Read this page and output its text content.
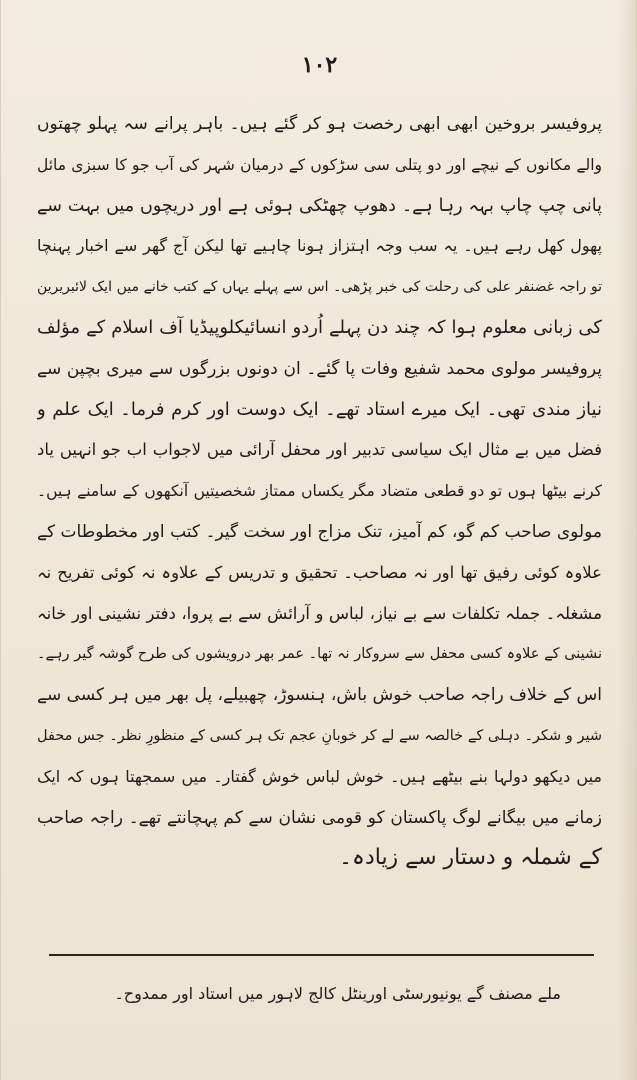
١٠٢
پروفیسر بروخین ابھی ابھی رخصت ہو کر گئے ہیں۔ باہر پرانے سہ پہلو چھتوں
والے مکانوں کے نیچے اور دو پتلی سی سڑکوں کے درمیان شہر کی آب جو کا سبزی مائل
پانی چپ چاپ بہہ رہا ہے۔ دھوپ چھٹکی ہوئی ہے اور دریچوں میں بہت سے
پھول کھل رہے ہیں۔ یہ سب وجہ اہتزاز ہونا چاہیے تھا لیکن آج گھر سے اخبار پہنچا
تو راجہ غضنفر علی کی رحلت کی خبر پڑھی۔ اس سے پہلے یہاں کے کتب خانے میں ایک لائبریرین
کی زبانی معلوم ہوا کہ چند دن پہلے اُردو انسائیکلوپیڈیا آف اسلام کے مؤلف
پروفیسر مولوی محمد شفیع وفات پا گئے۔ ان دونوں بزرگوں سے میری بچپن سے
نیاز مندی تھی۔ ایک میرے استاد تھے۔ ایک دوست اور کرم فرما۔ ایک علم و
فضل میں بے مثال ایک سیاسی تدبیر اور محفل آرائی میں لاجواب اب جو انہیں یاد
کرنے بیٹھا ہوں تو دو قطعی متضاد مگر یکساں ممتاز شخصیتیں آنکھوں کے سامنے ہیں۔
مولوی صاحب کم گو، کم آمیز، تنک مزاج اور سخت گیر۔ کتب اور مخطوطات کے
علاوہ کوئی رفیق تھا اور نہ مصاحب۔ تحقیق و تدریس کے علاوہ نہ کوئی تفریح نہ
مشغلہ۔ جملہ تکلفات سے بے نیاز، لباس و آرائش سے بے پروا، دفتر نشینی اور خانہ
نشینی کے علاوہ کسی محفل سے سروکار نہ تھا۔ عمر بھر درویشوں کی طرح گوشہ گیر رہے۔
اس کے خلاف راجہ صاحب خوش باش، ہنسوڑ، چھبیلے، پل بھر میں ہر کسی سے
شیر و شکر۔ دہلی کے خالصہ سے لے کر خوبانِ عجم تک ہر کسی کے منظورِ نظر۔ جس محفل
میں دیکھو دولہا بنے بیٹھے ہیں۔ خوش لباس خوش گفتار۔ میں سمجھتا ہوں کہ ایک
زمانے میں بیگانے لوگ پاکستان کو قومی نشان سے کم پہچانتے تھے۔ راجہ صاحب
کے شملہ و دستار سے زیادہ۔
ملے مصنف گے یونیورسٹی اورینٹل کالج لاہور میں استاد اور ممدوح۔
